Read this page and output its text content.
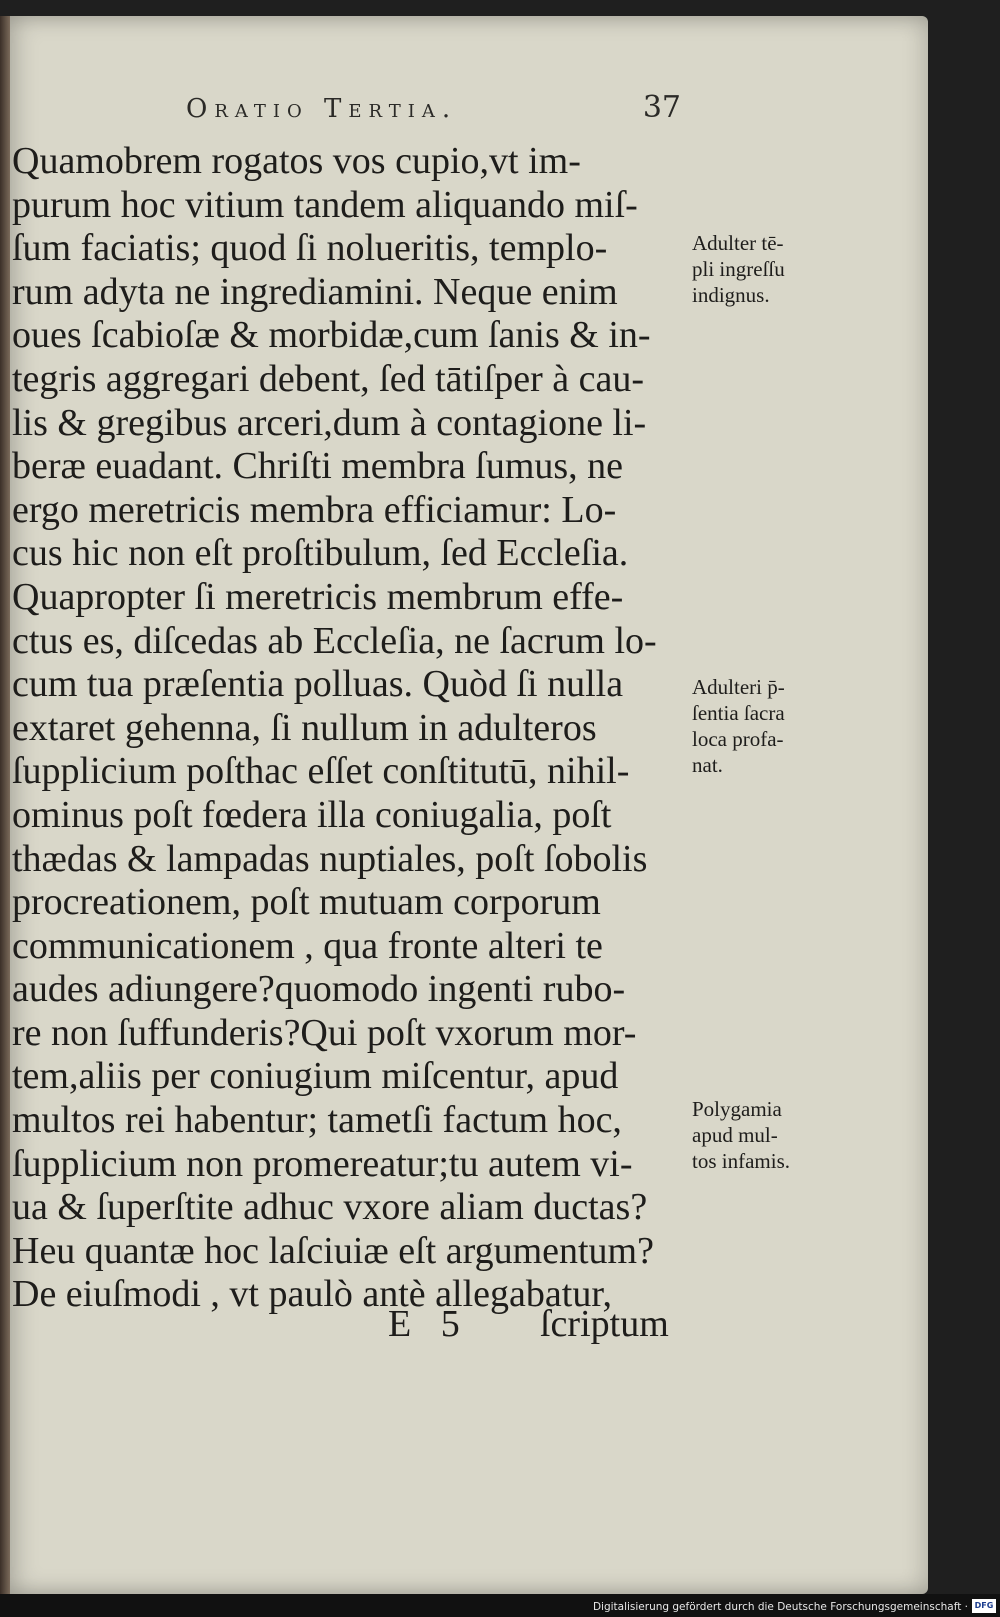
Oratio Tertia.	37
Quamobrem rogatos vos cupio,vt im-
purum hoc vitium tandem aliquando miſ-
ſum faciatis; quod ſi nolueritis, templo-
rum adyta ne ingrediamini. Neque enim
oues ſcabioſæ & morbidæ,cum ſanis & in-
tegris aggregari debent, ſed tātiſper à cau-
lis & gregibus arceri,dum à contagione li-
beræ euadant. Chriſti membra ſumus, ne
ergo meretricis membra efficiamur: Lo-
cus hic non eſt proſtibulum, ſed Eccleſia.
Quapropter ſi meretricis membrum effe-
ctus es, diſcedas ab Eccleſia, ne ſacrum lo-
cum tua præſentia polluas. Quòd ſi nulla
extaret gehenna, ſi nullum in adulteros
ſupplicium poſthac eſſet conſtitutū, nihil-
ominus poſt fœdera illa coniugalia, poſt
thædas & lampadas nuptiales, poſt ſobolis
procreationem, poſt mutuam corporum
communicationem , qua fronte alteri te
audes adiungere?quomodo ingenti rubo-
re non ſuffunderis?Qui poſt vxorum mor-
tem,aliis per coniugium miſcentur, apud
multos rei habentur; tametſi factum hoc,
ſupplicium non promereatur;tu autem vi-
ua & ſuperſtite adhuc vxore aliam ductas?
Heu quantæ hoc laſciuiæ eſt argumentum?
De eiuſmodi , vt paulò antè allegabatur,
Adulter tē-
pli ingreſſu
indignus.
Adulteri p̄-
ſentia ſacra
loca profa-
nat.
Polygamia
apud mul-
tos infamis.
E 5 ſcriptum
Digitalisierung gefördert durch die Deutsche Forschungsgemeinschaft · DFG
